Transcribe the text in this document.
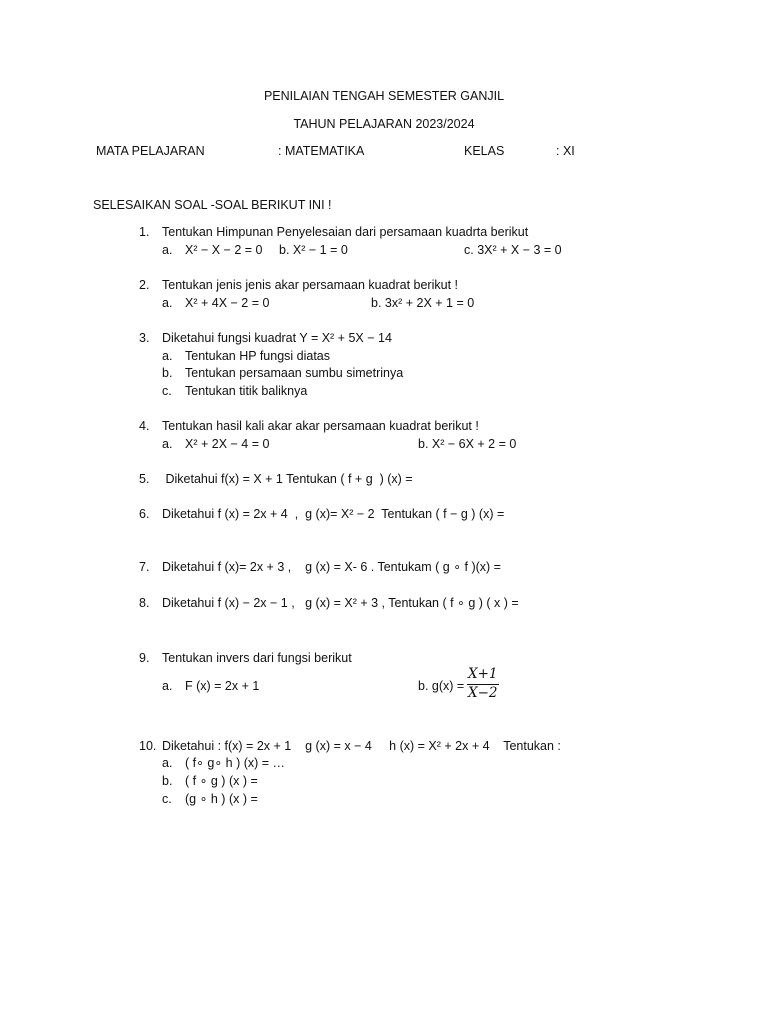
PENILAIAN TENGAH SEMESTER GANJIL
TAHUN PELAJARAN 2023/2024
MATA PELAJARAN	: MATEMATIKA	KELAS	: XI
SELESAIKAN SOAL -SOAL BERIKUT INI !
1. Tentukan Himpunan Penyelesaian dari persamaan kuadrta berikut
a. X² − X − 2 = 0 b. X² − 1 = 0	c. 3X² + X − 3 = 0
2. Tentukan jenis jenis akar persamaan kuadrat berikut !
a. X² + 4X − 2 = 0	b. 3x² + 2X + 1 = 0
3. Diketahui fungsi kuadrat Y = X² + 5X − 14
a. Tentukan HP fungsi diatas
b. Tentukan persamaan sumbu simetrinya
c. Tentukan titik baliknya
4. Tentukan hasil kali akar akar persamaan kuadrat berikut !
a. X² + 2X − 4 = 0	b. X² − 6X + 2 = 0
5. Diketahui f(x) = X + 1 Tentukan ( f + g  ) (x) =
6. Diketahui f (x) = 2x + 4  ,  g (x)= X² − 2  Tentukan ( f − g ) (x) =
7. Diketahui f (x)= 2x + 3 ,    g (x) = X- 6 . Tentukam ( g ∘ f )(x) =
8. Diketahui f (x) − 2x − 1 ,   g (x) = X² + 3 , Tentukan ( f ∘ g ) ( x ) =
9. Tentukan invers dari fungsi berikut
a. F (x) = 2x + 1	b. $g(x) = \frac{X+1}{X-2}$
10. Diketahui : f(x) = 2x + 1    g (x) = x − 4     h (x) = X² + 2x + 4    Tentukan :
a. ( f∘ g∘ h ) (x) = …
b. ( f ∘ g ) (x ) =
c. (g ∘ h ) (x ) =
